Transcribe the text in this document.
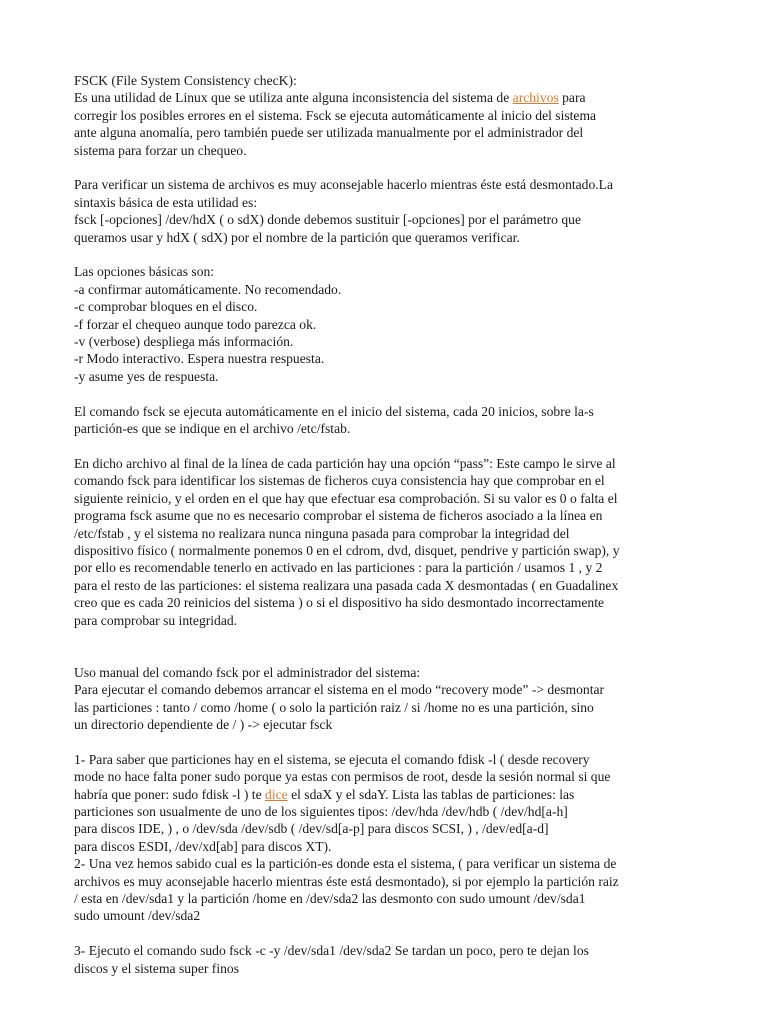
FSCK (File System Consistency checK):

Es una utilidad de Linux que se utiliza ante alguna inconsistencia del sistema de archivos para

corregir los posibles errores en el sistema. Fsck se ejecuta automáticamente al inicio del sistema

ante alguna anomalía, pero también puede ser utilizada manualmente por el administrador del

sistema para forzar un chequeo.

Para verificar un sistema de archivos es muy aconsejable hacerlo mientras éste está desmontado.La

sintaxis básica de esta utilidad es:

fsck [-opciones] /dev/hdX ( o sdX) donde debemos sustituir [-opciones] por el parámetro que

queramos usar y hdX ( sdX) por el nombre de la partición que queramos verificar.

Las opciones básicas son:

-a confirmar automáticamente. No recomendado.

-c comprobar bloques en el disco.

-f forzar el chequeo aunque todo parezca ok.

-v (verbose) despliega más información.

-r Modo interactivo. Espera nuestra respuesta.

-y asume yes de respuesta.

El comando fsck se ejecuta automáticamente en el inicio del sistema, cada 20 inicios, sobre la-s

partición-es que se indique en el archivo /etc/fstab.

En dicho archivo al final de la línea de cada partición hay una opción “pass”: Este campo le sirve al

comando fsck para identificar los sistemas de ficheros cuya consistencia hay que comprobar en el

siguiente reinicio, y el orden en el que hay que efectuar esa comprobación. Si su valor es 0 o falta el

programa fsck asume que no es necesario comprobar el sistema de ficheros asociado a la línea en

/etc/fstab , y el sistema no realizara nunca ninguna pasada para comprobar la integridad del

dispositivo físico ( normalmente ponemos 0 en el cdrom, dvd, disquet, pendrive y partición swap), y

por ello es recomendable tenerlo en activado en las particiones : para la partición / usamos 1 , y 2

para el resto de las particiones: el sistema realizara una pasada cada X desmontadas ( en Guadalinex

creo que es cada 20 reinicios del sistema ) o si el dispositivo ha sido desmontado incorrectamente

para comprobar su integridad.

Uso manual del comando fsck por el administrador del sistema:

Para ejecutar el comando debemos arrancar el sistema en el modo “recovery mode” -> desmontar

las particiones : tanto / como /home ( o solo la partición raiz / si /home no es una partición, sino

un directorio dependiente de / ) -> ejecutar fsck

1- Para saber que particiones hay en el sistema, se ejecuta el comando fdisk -l ( desde recovery

mode no hace falta poner sudo porque ya estas con permisos de root, desde la sesión normal si que

habría que poner: sudo fdisk -l ) te dice el sdaX y el sdaY. Lista las tablas de particiones: las

particiones son usualmente de uno de los siguientes tipos: /dev/hda /dev/hdb ( /dev/hd[a-h]

para discos IDE, ) , o /dev/sda /dev/sdb ( /dev/sd[a-p] para discos SCSI, ) , /dev/ed[a-d]

para discos ESDI, /dev/xd[ab] para discos XT).

2- Una vez hemos sabido cual es la partición-es donde esta el sistema, ( para verificar un sistema de

archivos es muy aconsejable hacerlo mientras éste está desmontado), si por ejemplo la partición raiz

/ esta en /dev/sda1 y la partición /home en /dev/sda2 las desmonto con sudo umount /dev/sda1

sudo umount /dev/sda2

3- Ejecuto el comando sudo fsck -c -y /dev/sda1 /dev/sda2 Se tardan un poco, pero te dejan los

discos y el sistema super finos
